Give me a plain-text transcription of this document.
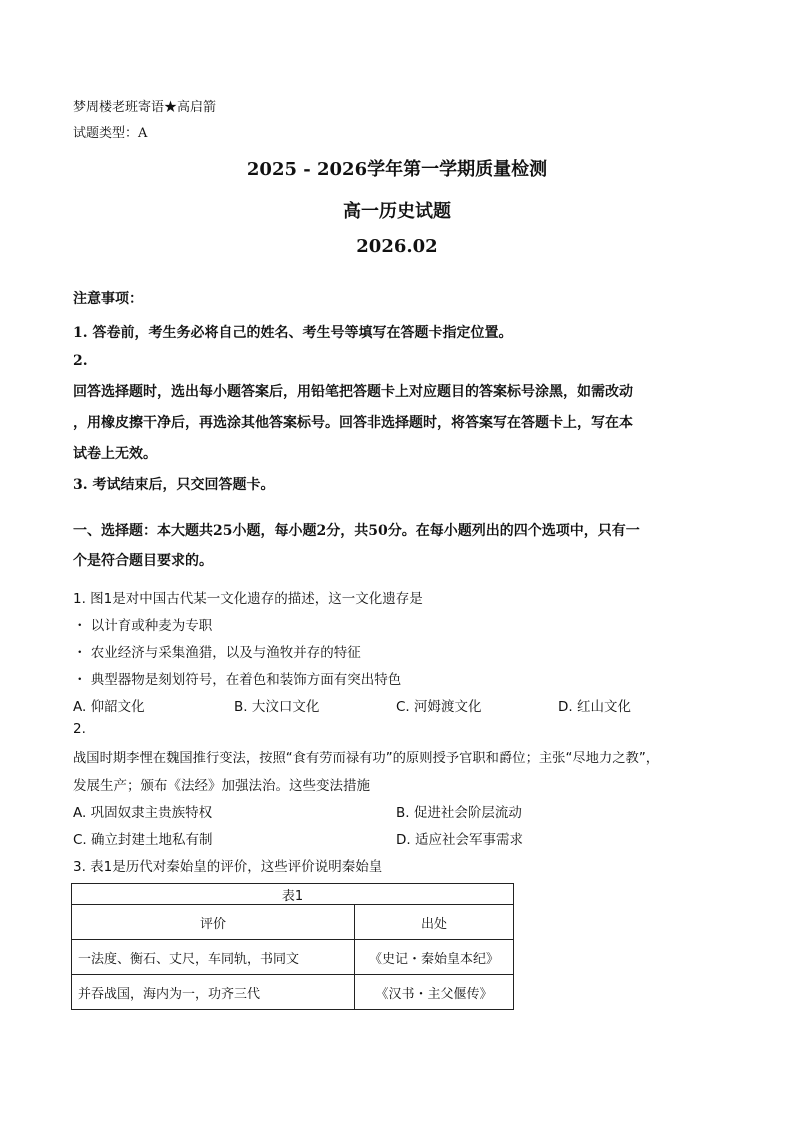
梦周楼老班寄语★高启箭
试题类型：A
2025 - 2026学年第一学期质量检测
高一历史试题
2026.02
注意事项：
1. 答卷前，考生务必将自己的姓名、考生号等填写在答题卡指定位置。
2.
回答选择题时，选出每小题答案后，用铅笔把答题卡上对应题目的答案标号涂黑，如需改动
，用橡皮擦干净后，再选涂其他答案标号。回答非选择题时，将答案写在答题卡上，写在本
试卷上无效。
3. 考试结束后，只交回答题卡。
一、选择题：本大题共25小题，每小题2分，共50分。在每小题列出的四个选项中，只有一
个是符合题目要求的。
1. 图1是对中国古代某一文化遗存的描述，这一文化遗存是
・ 以计育或种麦为专职
・ 农业经济与采集渔猎，以及与渔牧并存的特征
・ 典型器物是刻划符号，在着色和装饰方面有突出特色
A. 仰韶文化	B. 大汶口文化	C. 河姆渡文化	D. 红山文化
2.
战国时期李悝在魏国推行变法，按照“食有劳而禄有功”的原则授予官职和爵位；主张“尽地力之教”，
发展生产；颁布《法经》加强法治。这些变法措施
A. 巩固奴隶主贵族特权	B. 促进社会阶层流动
C. 确立封建土地私有制	D. 适应社会军事需求
3. 表1是历代对秦始皇的评价，这些评价说明秦始皇
表1	
评价	出处
一法度、衡石、丈尺，车同轨，书同文	《史记・秦始皇本纪》
并吞战国，海内为一，功齐三代	《汉书・主父偃传》
